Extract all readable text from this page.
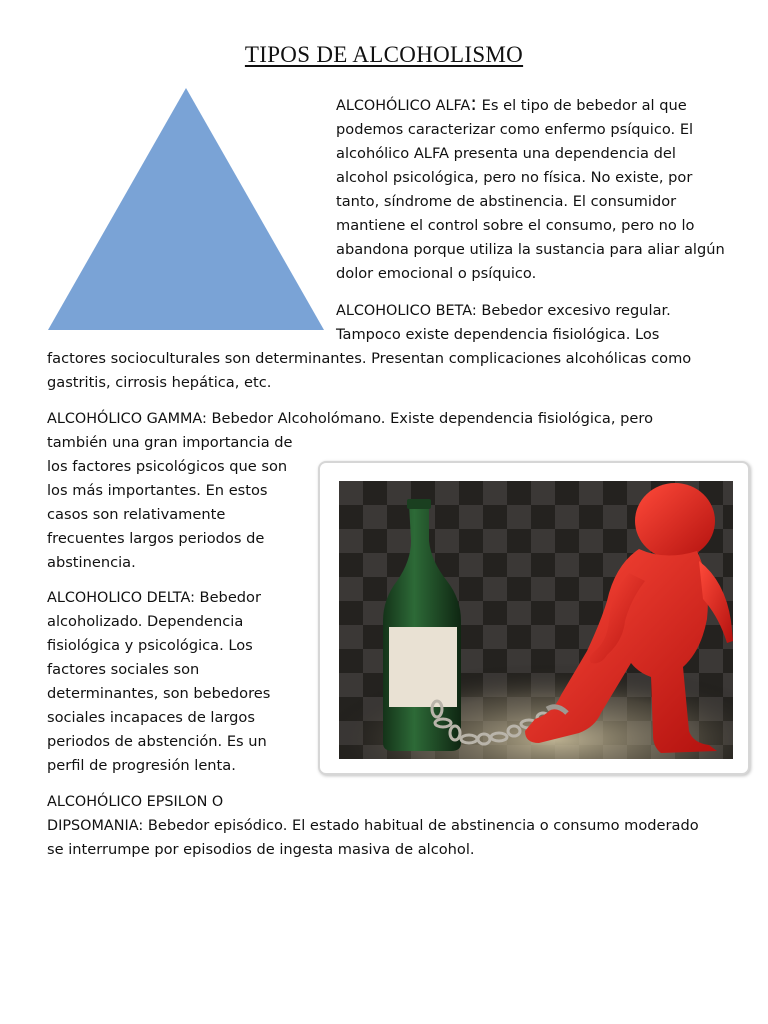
TIPOS DE ALCOHOLISMO
ALCOHÓLICO ALFA: Es el tipo de bebedor al que
podemos caracterizar como enfermo psíquico. El
alcohólico ALFA presenta una dependencia del
alcohol psicológica, pero no física. No existe, por
tanto, síndrome de abstinencia. El consumidor
mantiene el control sobre el consumo, pero no lo
abandona porque utiliza la sustancia para aliar algún
dolor emocional o psíquico.
ALCOHOLICO BETA: Bebedor excesivo regular.
Tampoco existe dependencia fisiológica. Los
factores socioculturales son determinantes. Presentan complicaciones alcohólicas como
gastritis, cirrosis hepática, etc.
ALCOHÓLICO GAMMA: Bebedor Alcoholómano. Existe dependencia fisiológica, pero
también una gran importancia de
los factores psicológicos que son
los más importantes. En estos
casos son relativamente
frecuentes largos periodos de
abstinencia.
ALCOHOLICO DELTA: Bebedor
alcoholizado. Dependencia
fisiológica y psicológica. Los
factores sociales son
determinantes, son bebedores
sociales incapaces de largos
periodos de abstención. Es un
perfil de progresión lenta.
ALCOHÓLICO EPSILON O
DIPSOMANIA: Bebedor episódico. El estado habitual de abstinencia o consumo moderado
se interrumpe por episodios de ingesta masiva de alcohol.
